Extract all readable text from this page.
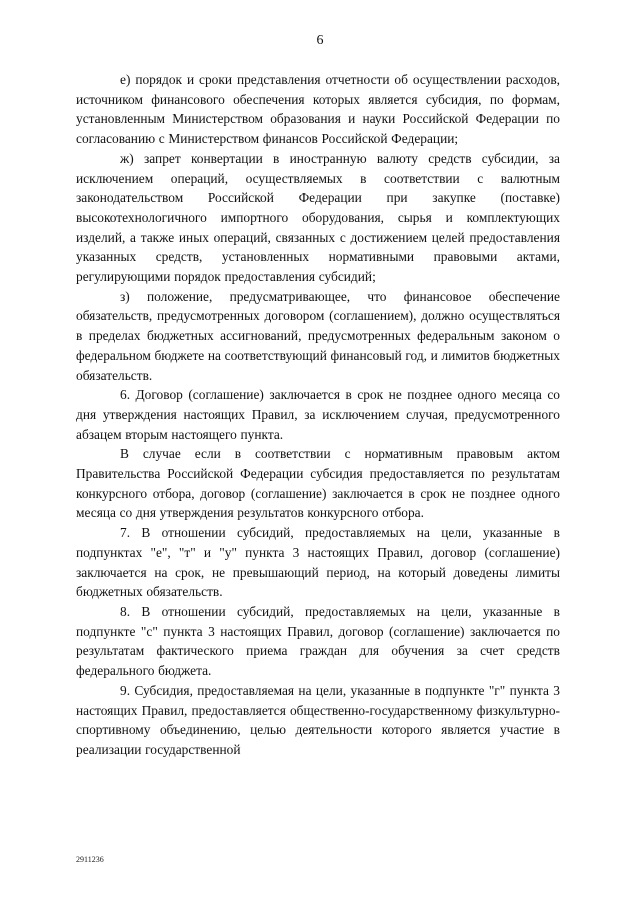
6

е) порядок и сроки представления отчетности об осуществлении расходов, источником финансового обеспечения которых является субсидия, по формам, установленным Министерством образования и науки Российской Федерации по согласованию с Министерством финансов Российской Федерации;

ж) запрет конвертации в иностранную валюту средств субсидии, за исключением операций, осуществляемых в соответствии с валютным законодательством Российской Федерации при закупке (поставке) высокотехнологичного импортного оборудования, сырья и комплектующих изделий, а также иных операций, связанных с достижением целей предоставления указанных средств, установленных нормативными правовыми актами, регулирующими порядок предоставления субсидий;

з) положение, предусматривающее, что финансовое обеспечение обязательств, предусмотренных договором (соглашением), должно осуществляться в пределах бюджетных ассигнований, предусмотренных федеральным законом о федеральном бюджете на соответствующий финансовый год, и лимитов бюджетных обязательств.

6. Договор (соглашение) заключается в срок не позднее одного месяца со дня утверждения настоящих Правил, за исключением случая, предусмотренного абзацем вторым настоящего пункта.

В случае если в соответствии с нормативным правовым актом Правительства Российской Федерации субсидия предоставляется по результатам конкурсного отбора, договор (соглашение) заключается в срок не позднее одного месяца со дня утверждения результатов конкурсного отбора.

7. В отношении субсидий, предоставляемых на цели, указанные в подпунктах "е", "т" и "у" пункта 3 настоящих Правил, договор (соглашение) заключается на срок, не превышающий период, на который доведены лимиты бюджетных обязательств.

8. В отношении субсидий, предоставляемых на цели, указанные в подпункте "с" пункта 3 настоящих Правил, договор (соглашение) заключается по результатам фактического приема граждан для обучения за счет средств федерального бюджета.

9. Субсидия, предоставляемая на цели, указанные в подпункте "г" пункта 3 настоящих Правил, предоставляется общественно-государственному физкультурно-спортивному объединению, целью деятельности которого является участие в реализации государственной

2911236
